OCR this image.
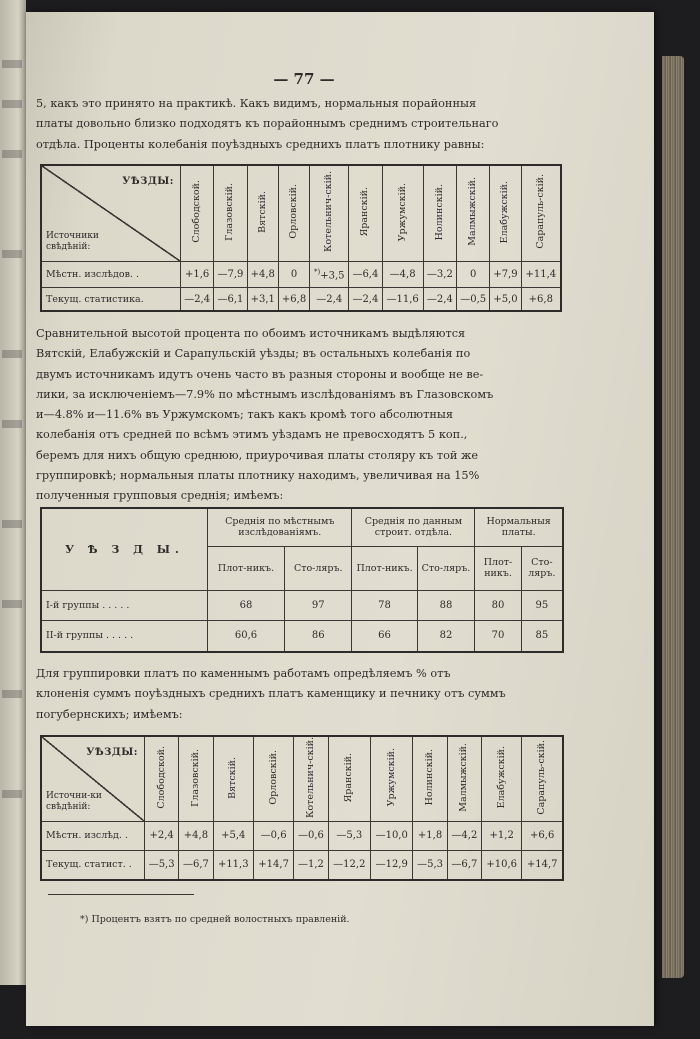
— 77 —

5, какъ это принято на практикѣ. Какъ видимъ, нормальныя порайонныя
платы довольно близко подходятъ къ порайоннымъ среднимъ строительнаго
отдѣла. Проценты колебанія поуѣздныхъ среднихъ платъ плотнику равны:

УѢЗДЫ:
Источники свѣдѣній:	Слободской.	Глазовскій.	Вятскій.	Орловскій.	Котельнич-скій.	Яранскій.	Уржумскій.	Нолинскій.	Малмыжскій.	Елабужскій.	Сарапуль-скій.
Мѣстн. изслѣдов. .	+1,6	—7,9	+4,8	0	*)+3,5	—6,4	—4,8	—3,2	0	+7,9	+11,4
Текущ. статистика.	—2,4	—6,1	+3,1	+6,8	—2,4	—2,4	—11,6	—2,4	—0,5	+5,0	+6,8

Сравнительной высотой процента по обоимъ источникамъ выдѣляются
Вятскій, Елабужскій и Сарапульскій уѣзды; въ остальныхъ колебанія по
двумъ источникамъ идутъ очень часто въ разныя стороны и вообще не ве-
лики, за исключеніемъ—7.9% по мѣстнымъ изслѣдованіямъ въ Глазовскомъ
и—4.8% и—11.6% въ Уржумскомъ; такъ какъ кромѣ того абсолютныя
колебанія отъ средней по всѣмъ этимъ уѣздамъ не превосходятъ 5 коп.,
беремъ для нихъ общую среднюю, приурочивая платы столяру къ той же
группировкѣ; нормальныя платы плотнику находимъ, увеличивая на 15%
полученныя групповыя среднія; имѣемъ:

У Ѣ З Д Ы.	Среднія по мѣстнымъ изслѣдованіямъ.		Среднія по данным строит. отдѣла.		Нормальныя платы.	
	Плот-никъ.	Сто-ляръ.	Плот-никъ.	Сто-ляръ.	Плот-никъ.	Сто-ляръ.
I-й группы . . . . .	68	97	78	88	80	95
II-й группы . . . . .	60,6	86	66	82	70	85

Для группировки платъ по каменнымъ работамъ опредѣляемъ % отъ
клоненія суммъ поуѣздныхъ среднихъ платъ каменщику и печнику отъ суммъ
погубернскихъ; имѣемъ:

УѢЗДЫ:
Источни-ки свѣдѣній:	Слободской.	Глазовскій.	Вятскій.	Орловскій.	Котельнич-скій.	Яранскій.	Уржумскій.	Нолинскій.	Малмыжскій.	Елабужскій.	Сарапуль-скій.
Мѣстн. изслѣд. .	+2,4	+4,8	+5,4	—0,6	—0,6	—5,3	—10,0	+1,8	—4,2	+1,2	+6,6
Текущ. статист. .	—5,3	—6,7	+11,3	+14,7	—1,2	—12,2	—12,9	—5,3	—6,7	+10,6	+14,7

*) Процентъ взятъ по средней волостныхъ правленій.
